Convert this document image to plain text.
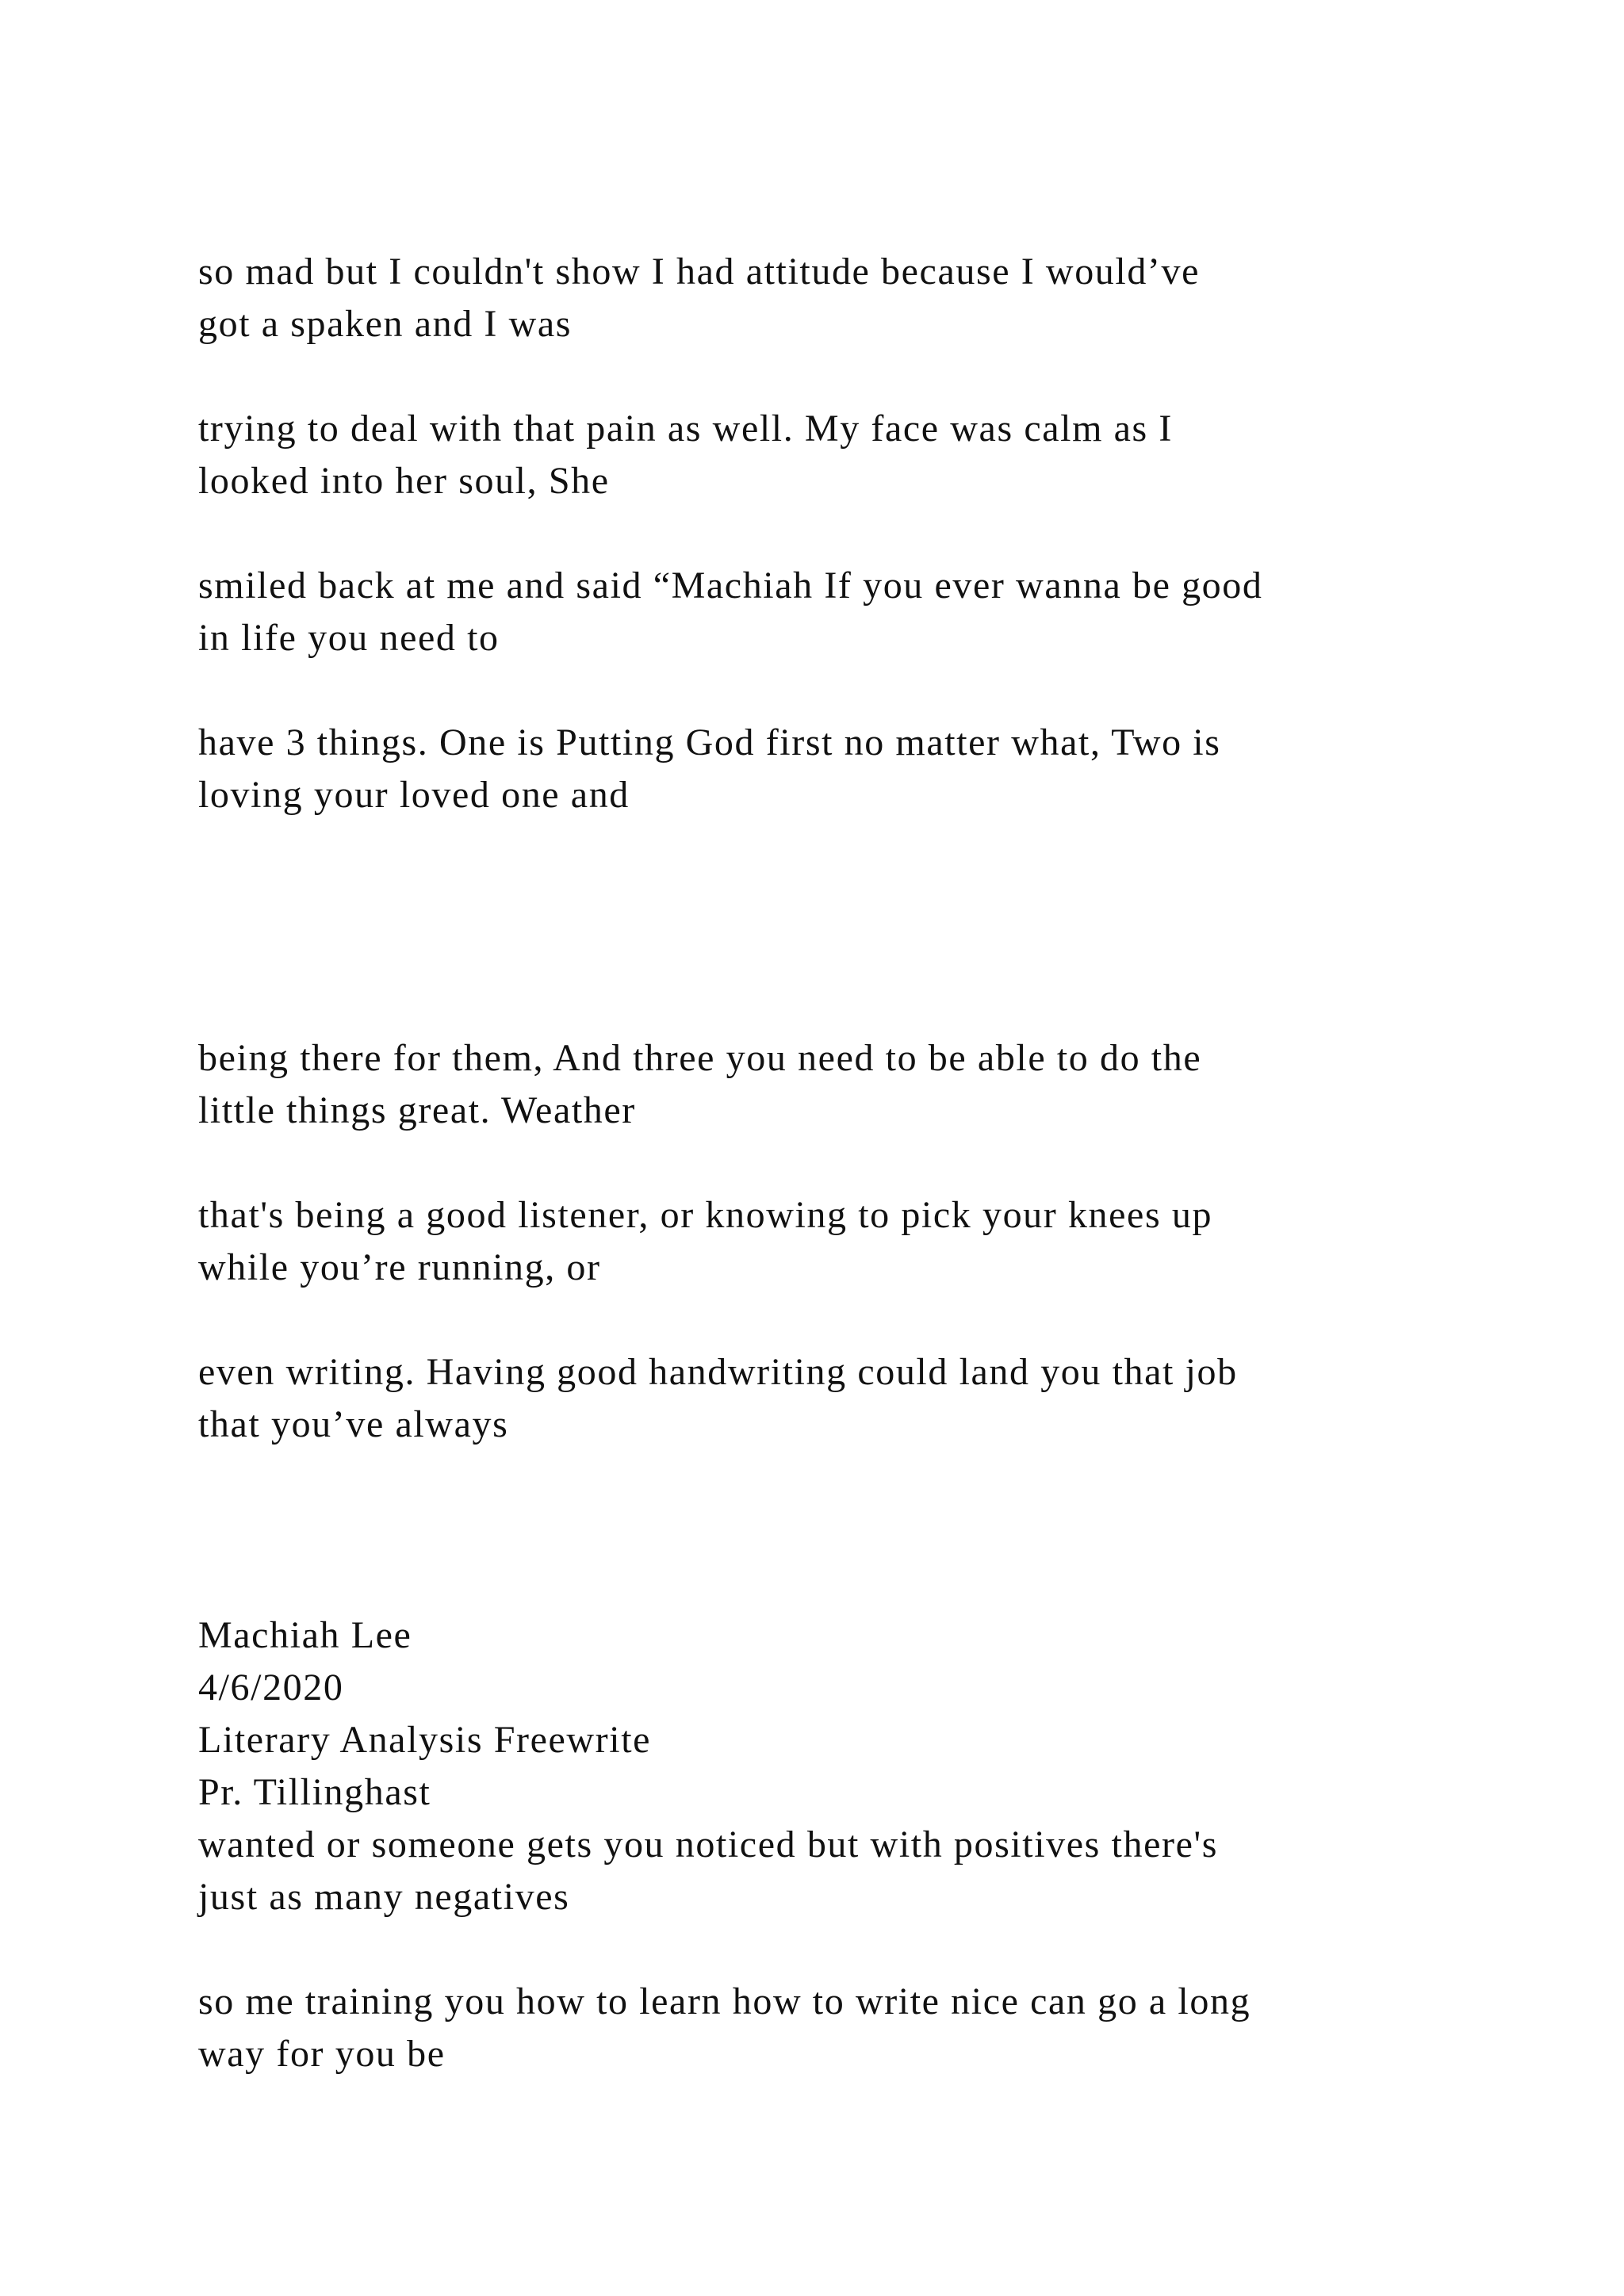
so mad but I couldn't show I had attitude because I would’ve

got a spaken and I was

trying to deal with that pain as well. My face was calm as I

looked into her soul, She

smiled back at me and said “Machiah If you ever wanna be good

in life you need to

have 3 things. One is Putting God first no matter what, Two is

loving your loved one and

being there for them, And three you need to be able to do the

little things great. Weather

that's being a good listener, or knowing to pick your knees up

while you’re running, or

even writing. Having good handwriting could land you that job

that you’ve always

Machiah Lee

4/6/2020

Literary Analysis Freewrite

Pr. Tillinghast

wanted or someone gets you noticed but with positives there's

just as many negatives

so me training you how to learn how to write nice can go a long

way for you be
